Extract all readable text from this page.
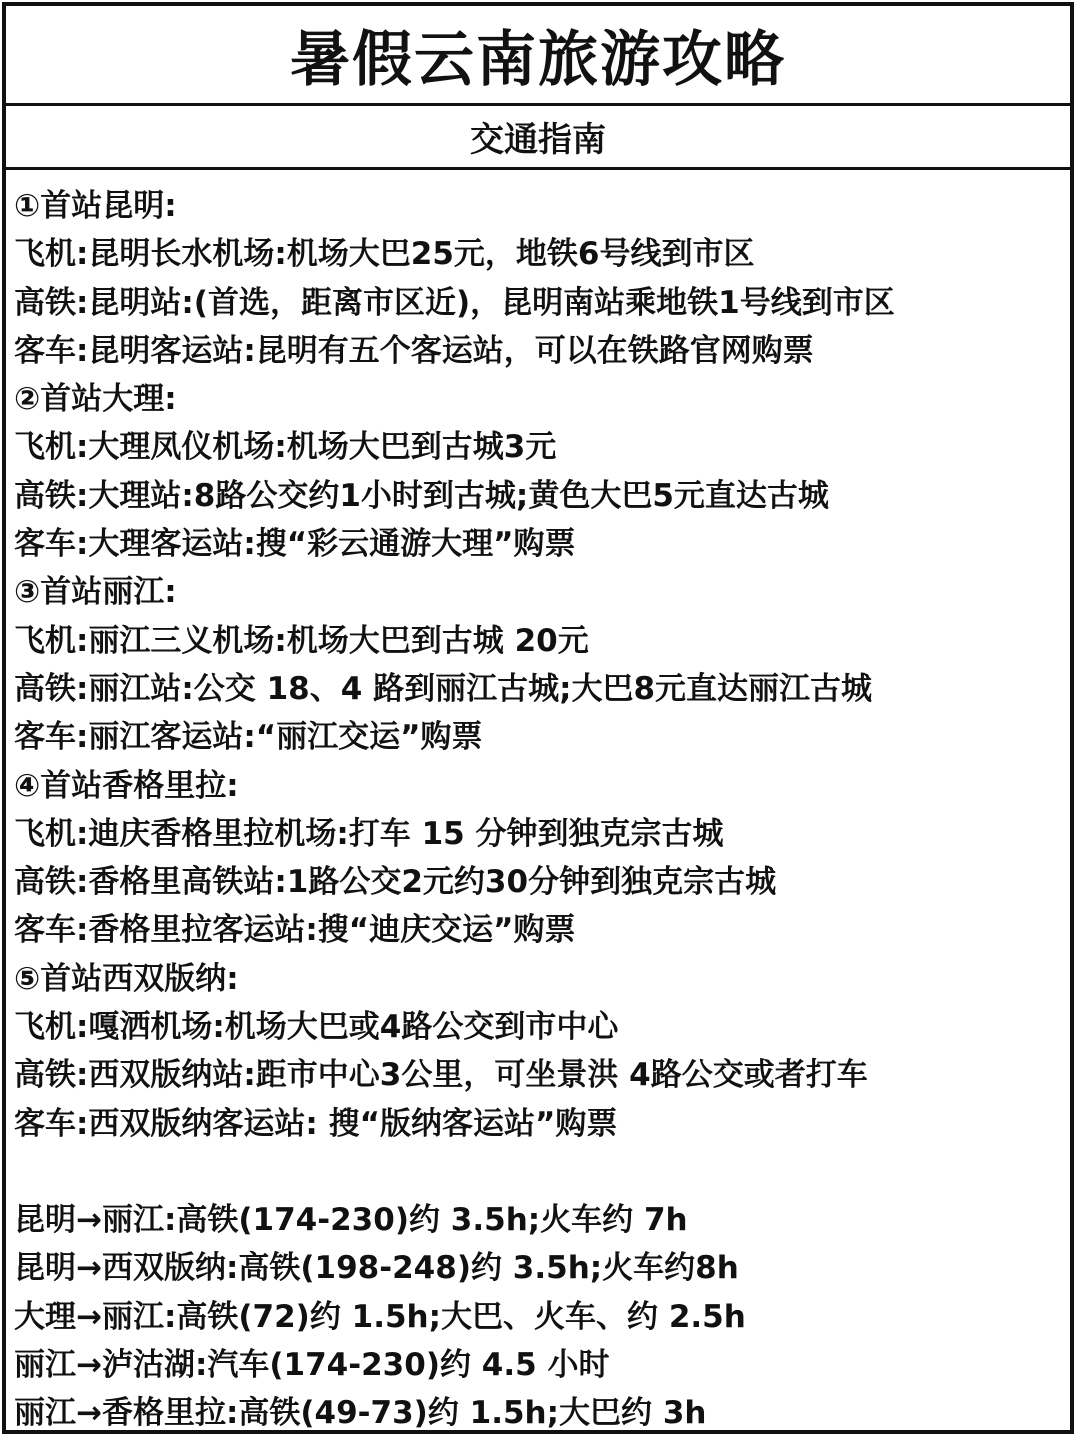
暑假云南旅游攻略
交通指南
①首站昆明:
飞机:昆明长水机场:机场大巴25元，地铁6号线到市区
高铁:昆明站:(首选，距离市区近)，昆明南站乘地铁1号线到市区
客车:昆明客运站:昆明有五个客运站，可以在铁路官网购票
②首站大理:
飞机:大理凤仪机场:机场大巴到古城3元
高铁:大理站:8路公交约1小时到古城;黄色大巴5元直达古城
客车:大理客运站:搜“彩云通游大理”购票
③首站丽江:
飞机:丽江三义机场:机场大巴到古城 20元
高铁:丽江站:公交 18、4 路到丽江古城;大巴8元直达丽江古城
客车:丽江客运站:“丽江交运”购票
④首站香格里拉:
飞机:迪庆香格里拉机场:打车 15 分钟到独克宗古城
高铁:香格里高铁站:1路公交2元约30分钟到独克宗古城
客车:香格里拉客运站:搜“迪庆交运”购票
⑤首站西双版纳:
飞机:嘎洒机场:机场大巴或4路公交到市中心
高铁:西双版纳站:距市中心3公里，可坐景洪 4路公交或者打车
客车:西双版纳客运站: 搜“版纳客运站”购票
昆明→丽江:高铁(174-230)约 3.5h;火车约 7h
昆明→西双版纳:高铁(198-248)约 3.5h;火车约8h
大理→丽江:高铁(72)约 1.5h;大巴、火车、约 2.5h
丽江→泸沽湖:汽车(174-230)约 4.5 小时
丽江→香格里拉:高铁(49-73)约 1.5h;大巴约 3h
